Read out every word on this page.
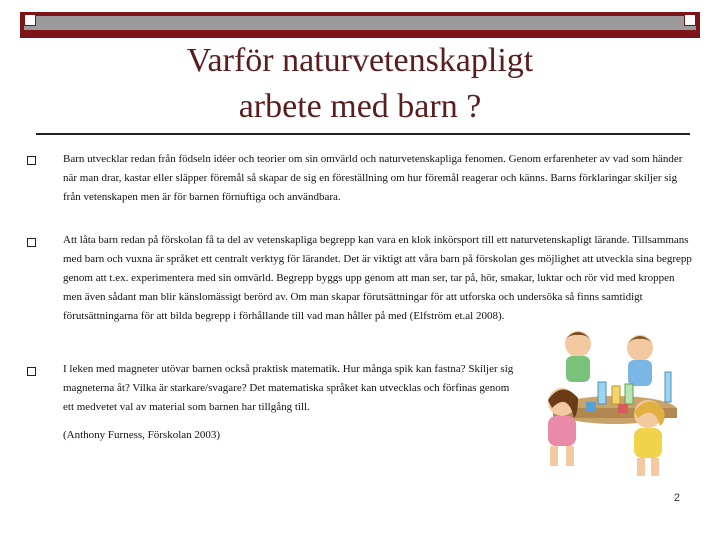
Varför naturvetenskapligt
arbete med barn ?
Barn utvecklar redan från födseln idéer och teorier om sin omvärld och naturvetenskapliga fenomen. Genom erfarenheter av vad som händer när man drar, kastar eller släpper föremål så skapar de sig en föreställning om hur föremål reagerar och känns. Barns förklaringar skiljer sig från vetenskapen men är för barnen förnuftiga och användbara.
Att låta barn redan på förskolan få ta del av vetenskapliga begrepp kan vara en klok inkörsport till ett naturvetenskapligt lärande. Tillsammans med barn och vuxna är språket ett centralt verktyg för lärandet. Det är viktigt att våra barn på förskolan ges möjlighet att utveckla sina begrepp genom att t.ex. experimentera med sin omvärld. Begrepp byggs upp genom att man ser, tar på, hör, smakar, luktar och rör vid med kroppen men även sådant man blir känslomässigt berörd av. Om man skapar förutsättningar för att utforska och undersöka så finns samtidigt förutsättningarna för att bilda begrepp i förhållande till vad man håller på med (Elfström et.al 2008).
I leken med magneter utövar barnen också praktisk matematik. Hur många spik kan fastna? Skiljer sig magneterna åt? Vilka är starkare/svagare? Det matematiska språket kan utvecklas och förfinas genom ett medvetet val av material som barnen har tillgång till.
(Anthony Furness, Förskolan 2003)
2
